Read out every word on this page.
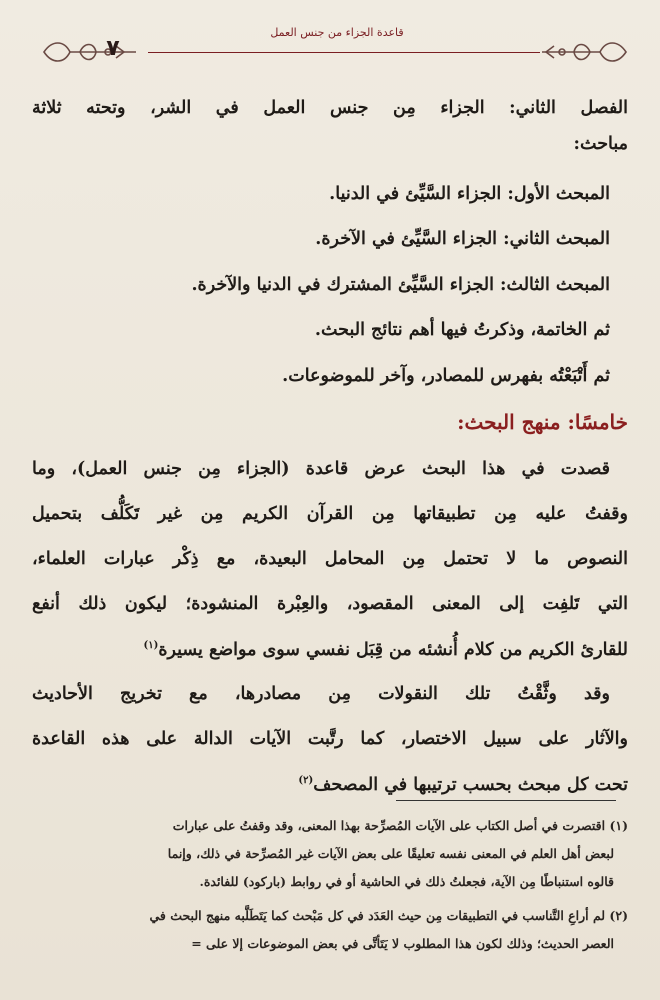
٧
قاعدة الجزاء من جنس العمل
الفصل الثاني: الجزاء مِن جنس العمل في الشر، وتحته ثلاثة
مباحث:
المبحث الأول: الجزاء السَّيِّئ في الدنيا.
المبحث الثاني: الجزاء السَّيِّئ في الآخرة.
المبحث الثالث: الجزاء السَّيِّئ المشترك في الدنيا والآخرة.
ثم الخاتمة، وذكرتُ فيها أهم نتائج البحث.
ثم أَتْبَعْتُه بفهرس للمصادر، وآخر للموضوعات.
خامسًا: منهج البحث:
قصدت في هذا البحث عرض قاعدة (الجزاء مِن جنس العمل)، وما
وقفتُ عليه مِن تطبيقاتها مِن القرآن الكريم مِن غير تَكَلُّف بتحميل
النصوص ما لا تحتمل مِن المحامل البعيدة، مع ذِكْر عبارات العلماء،
التي تَلفِت إلى المعنى المقصود، والعِبْرة المنشودة؛ ليكون ذلك أنفع
للقارئ الكريم من كلام أُنشئه من قِبَل نفسي سوى مواضع يسيرة$^{(١)}$
وقد وثَّقْتُ تلك النقولات مِن مصادرها، مع تخريج الأحاديث
والآثار على سبيل الاختصار، كما رتَّبت الآيات الدالة على هذه القاعدة
تحت كل مبحث بحسب ترتيبها في المصحف$^{(٢)}$
(١) اقتصرت في أصل الكتاب على الآيات المُصرِّحة بهذا المعنى، وقد وقفتُ على عبارات
لبعض أهل العلم في المعنى نفسه تعليقًا على بعض الآيات غير المُصرِّحة في ذلك، وإنما
قالوه استنباطًا مِن الآية، فجعلتُ ذلك في الحاشية أو في روابط (باركود) للفائدة.
(٢) لم أراعِ التَّناسب في التطبيقات مِن حيث العَدَد في كل مَبْحث كما يَتَطَلَّبه منهج البحث في
العصر الحديث؛ وذلك لكون هذا المطلوب لا يَتَأتَّى في بعض الموضوعات إلا على =
